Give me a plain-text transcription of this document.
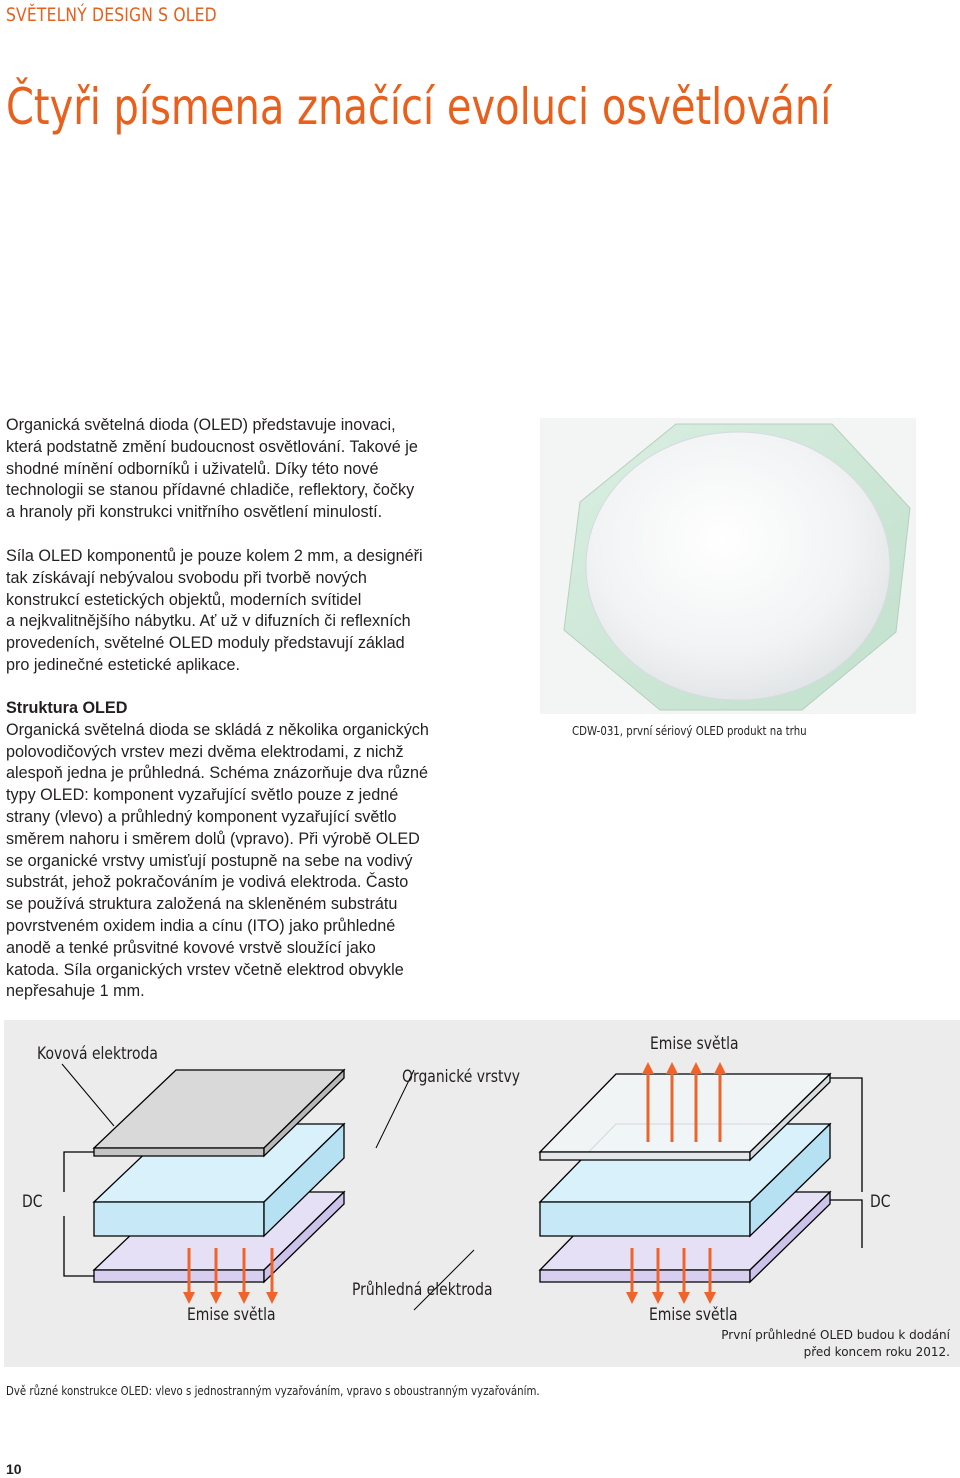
SVĚTELNÝ DESIGN S OLED
Čtyři písmena značící evoluci osvětlování

Organická světelná dioda (OLED) představuje inovaci,

která podstatně změní budoucnost osvětlování. Takové je

shodné mínění odborníků i uživatelů. Díky této nové

technologii se stanou přídavné chladiče, reflektory, čočky

a hranoly při konstrukci vnitřního osvětlení minulostí.

Síla OLED komponentů je pouze kolem 2 mm, a designéři

tak získávají nebývalou svobodu při tvorbě nových

konstrukcí estetických objektů, moderních svítidel

a nejkvalitnějšího nábytku. Ať už v difuzních či reflexních

provedeních, světelné OLED moduly představují základ

pro jedinečné estetické aplikace.

Struktura OLED

Organická světelná dioda se skládá z několika organických

polovodičových vrstev mezi dvěma elektrodami, z nichž

alespoň jedna je průhledná. Schéma znázorňuje dva různé

typy OLED: komponent vyzařující světlo pouze z jedné

strany (vlevo) a průhledný komponent vyzařující světlo

směrem nahoru i směrem dolů (vpravo). Při výrobě OLED

se organické vrstvy umisťují postupně na sebe na vodivý

substrát, jehož pokračováním je vodivá elektroda. Často

se používá struktura založená na skleněném substrátu

povrstveném oxidem india a cínu (ITO) jako průhledné

anodě a tenké průsvitné kovové vrstvě sloužící jako

katoda. Síla organických vrstev včetně elektrod obvykle

nepřesahuje 1 mm.

CDW-031, první sériový OLED produkt na trhu
Kovová elektroda
Organické vrstvy
Emise světla
DC	DC
Průhledná elektroda
Emise světla	Emise světla
První průhledné OLED budou k dodání
před koncem roku 2012.
Dvě různé konstrukce OLED: vlevo s jednostranným vyzařováním, vpravo s oboustranným vyzařováním.
10
